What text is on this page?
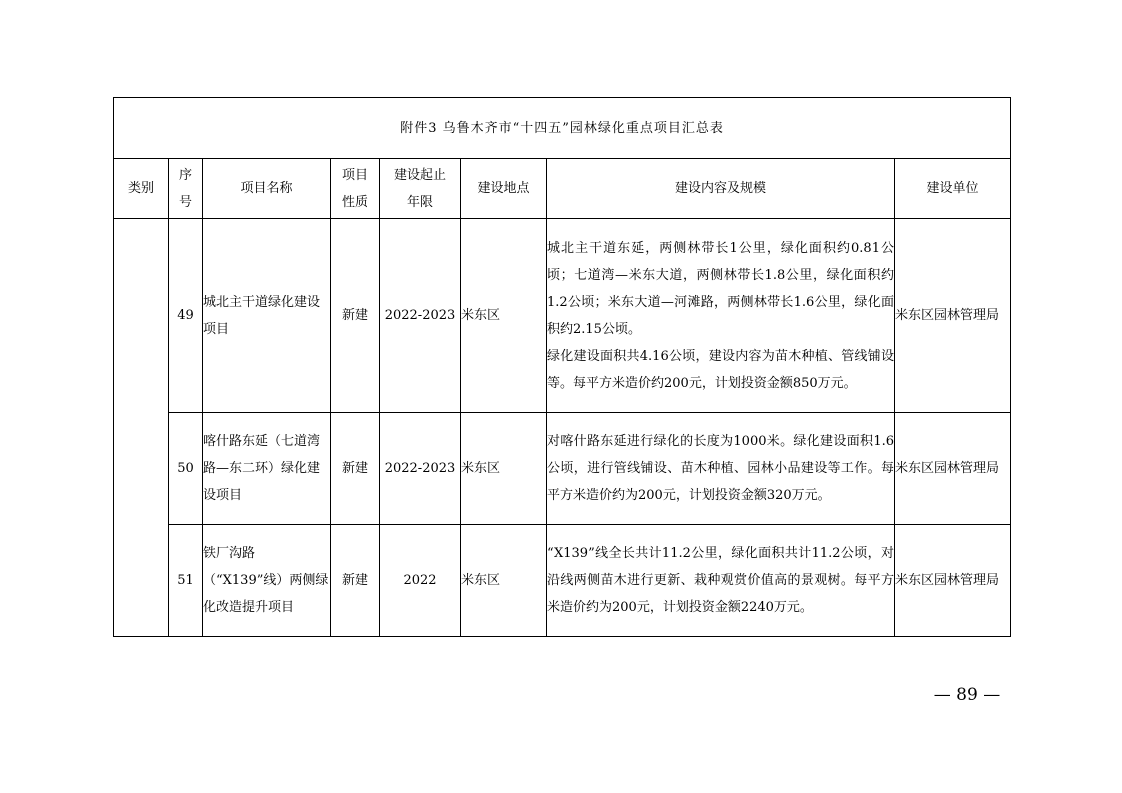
附件3 乌鲁木齐市“十四五”园林绿化重点项目汇总表							
类别	序号	项目名称	项目性质	建设起止年限	建设地点	建设内容及规模	建设单位
	49	城北主干道绿化建设项目	新建	2022-2023	米东区	城北主干道东延，两侧林带长1公里，绿化面积约0.81公顷；七道湾—米东大道，两侧林带长1.8公里，绿化面积约1.2公顷；米东大道—河滩路，两侧林带长1.6公里，绿化面积约2.15公顷。
绿化建设面积共4.16公顷，建设内容为苗木种植、管线铺设等。每平方米造价约200元，计划投资金额850万元。	米东区园林管理局
	50	喀什路东延（七道湾路—东二环）绿化建设项目	新建	2022-2023	米东区	对喀什路东延进行绿化的长度为1000米。绿化建设面积1.6公顷，进行管线铺设、苗木种植、园林小品建设等工作。每平方米造价约为200元，计划投资金额320万元。	米东区园林管理局
	51	铁厂沟路（“X139”线）两侧绿化改造提升项目	新建	2022	米东区	“X139”线全长共计11.2公里，绿化面积共计11.2公顷，对沿线两侧苗木进行更新、栽种观赏价值高的景观树。每平方米造价约为200元，计划投资金额2240万元。	米东区园林管理局
— 89 —
